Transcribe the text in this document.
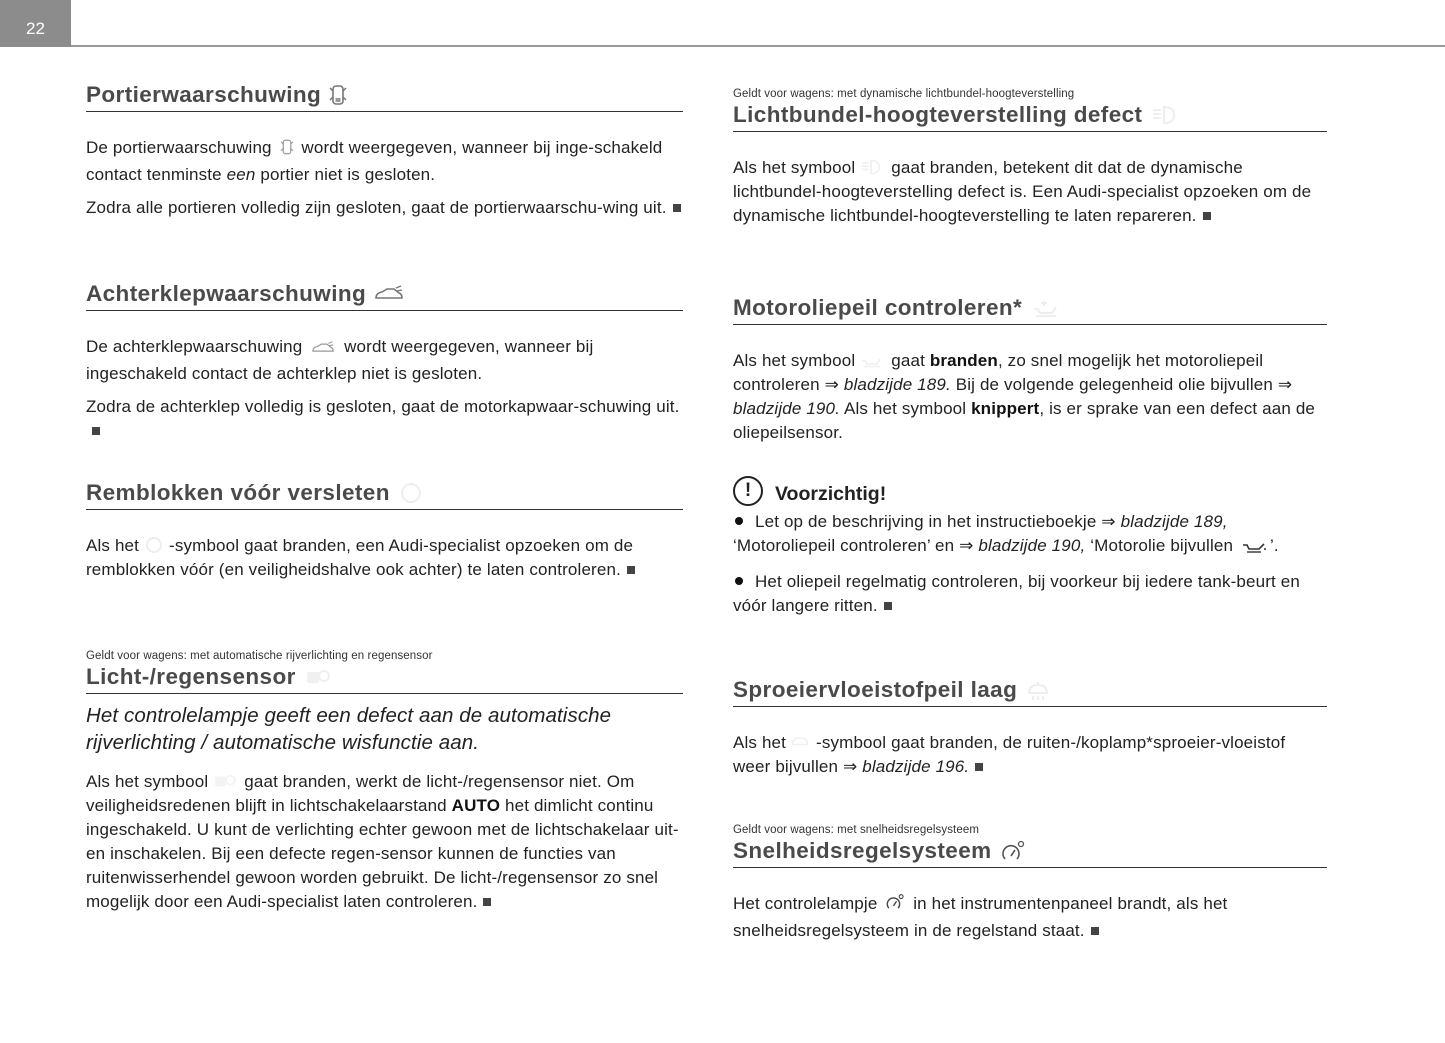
22
Portierwaarschuwing

De portierwaarschuwing wordt weergegeven, wanneer bij inge-schakeld contact tenminste een portier niet is gesloten.

Zodra alle portieren volledig zijn gesloten, gaat de portierwaarschu-wing uit.

Achterklepwaarschuwing

De achterklepwaarschuwing wordt weergegeven, wanneer bij ingeschakeld contact de achterklep niet is gesloten.

Zodra de achterklep volledig is gesloten, gaat de motorkapwaar-schuwing uit.

Remblokken vóór versleten

Als het -symbool gaat branden, een Audi-specialist opzoeken om de remblokken vóór (en veiligheidshalve ook achter) te laten controleren.

Geldt voor wagens: met automatische rijverlichting en regensensor
Licht-/regensensor

Het controlelampje geeft een defect aan de automatische rijverlichting / automatische wisfunctie aan.

Als het symbool gaat branden, werkt de licht-/regensensor niet. Om veiligheidsredenen blijft in lichtschakelaarstand AUTO het dimlicht continu ingeschakeld. U kunt de verlichting echter gewoon met de lichtschakelaar uit- en inschakelen. Bij een defecte regen-sensor kunnen de functies van ruitenwisserhendel gewoon worden gebruikt. De licht-/regensensor zo snel mogelijk door een Audi-specialist laten controleren.

Geldt voor wagens: met dynamische lichtbundel-hoogteverstelling
Lichtbundel-hoogteverstelling defect

Als het symbool gaat branden, betekent dit dat de dynamische lichtbundel-hoogteverstelling defect is. Een Audi-specialist opzoeken om de dynamische lichtbundel-hoogteverstelling te laten repareren.

Motoroliepeil controleren*

Als het symbool gaat branden, zo snel mogelijk het motoroliepeil controleren ⇒ bladzijde 189. Bij de volgende gelegenheid olie bijvullen ⇒ bladzijde 190. Als het symbool knippert, is er sprake van een defect aan de oliepeilsensor.

!	Voorzichtig!

Let op de beschrijving in het instructieboekje ⇒ bladzijde 189, ‘Motoroliepeil controleren’ en ⇒ bladzijde 190, ‘Motorolie bijvullen ’.

Het oliepeil regelmatig controleren, bij voorkeur bij iedere tank-beurt en vóór langere ritten.

Sproeiervloeistofpeil laag

Als het -symbool gaat branden, de ruiten-/koplamp*sproeier-vloeistof weer bijvullen ⇒ bladzijde 196.

Geldt voor wagens: met snelheidsregelsysteem
Snelheidsregelsysteem

Het controlelampje in het instrumentenpaneel brandt, als het snelheidsregelsysteem in de regelstand staat.
